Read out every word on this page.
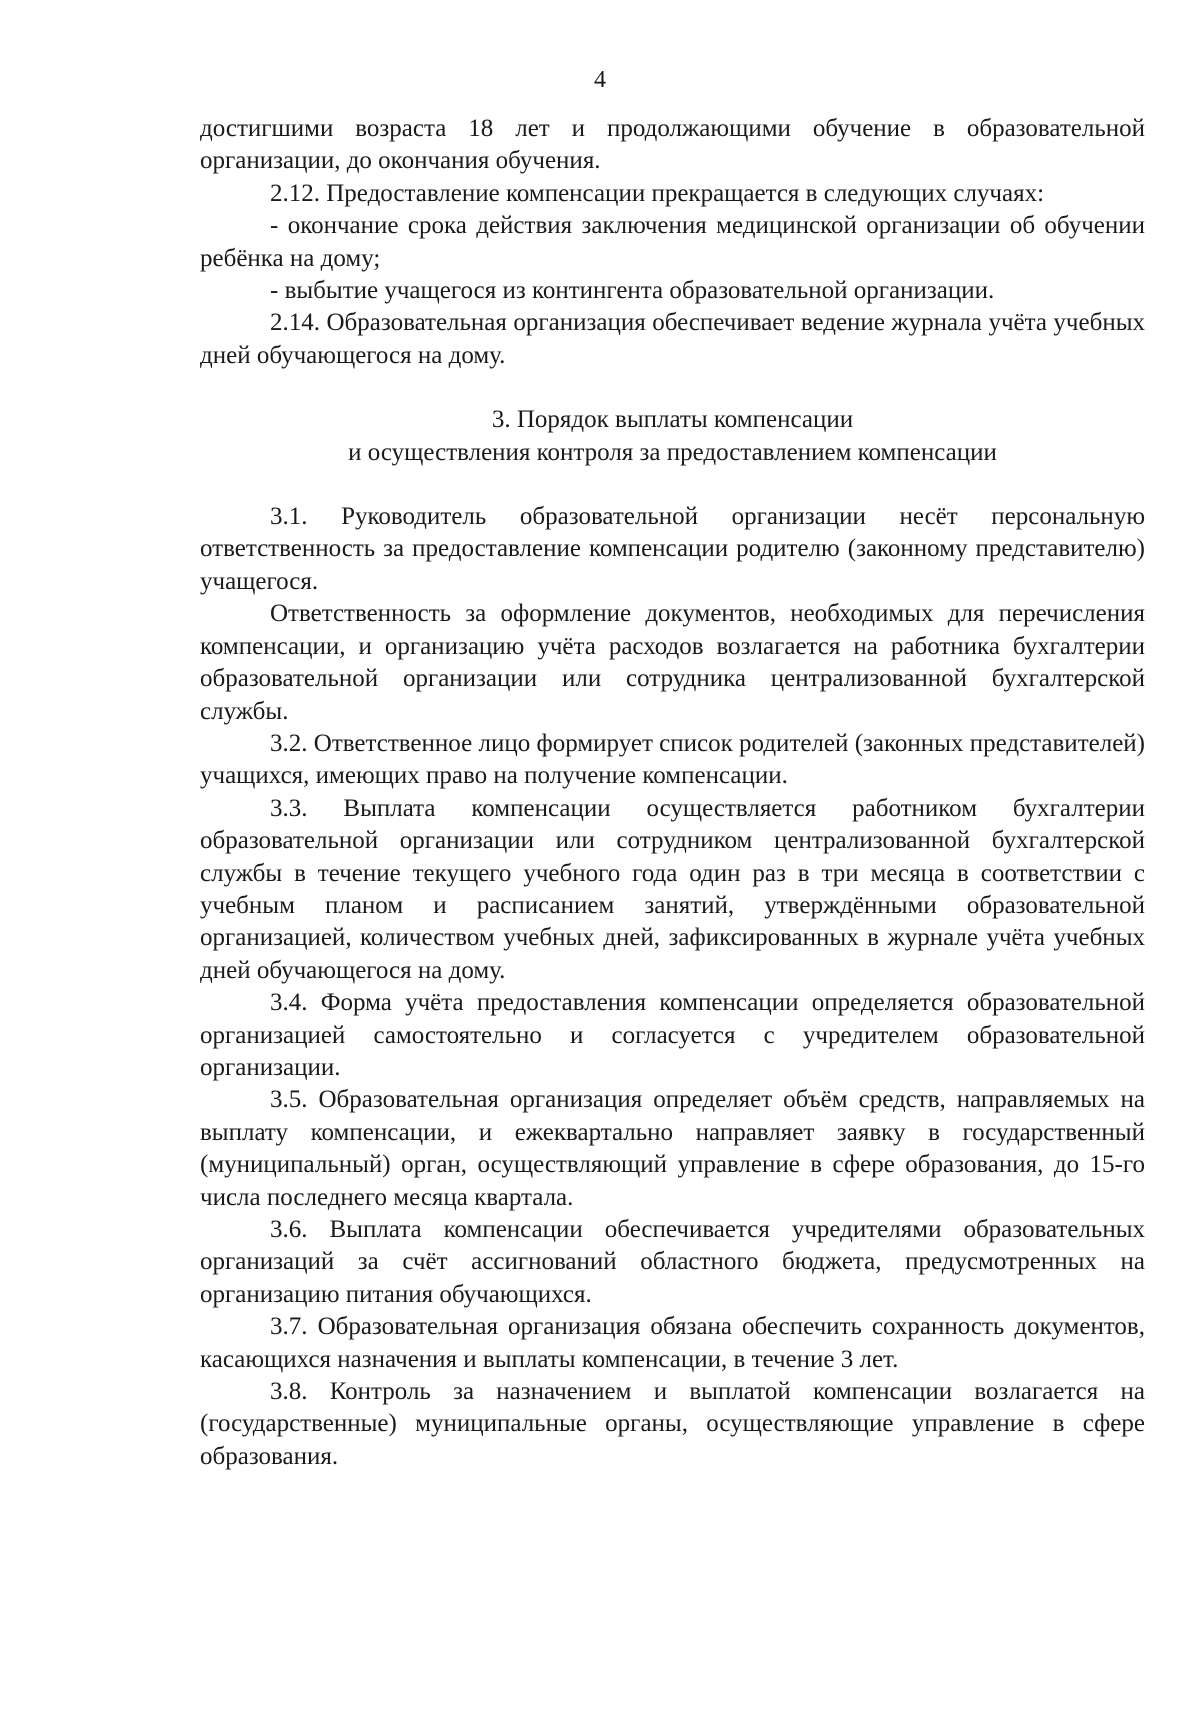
4

достигшими возраста 18 лет и продолжающими обучение в образовательной организации, до окончания обучения.

2.12. Предоставление компенсации прекращается в следующих случаях:

- окончание срока действия заключения медицинской организации об обучении ребёнка на дому;

- выбытие учащегося из контингента образовательной организации.

2.14. Образовательная организация обеспечивает ведение журнала учёта учебных дней обучающегося на дому.

3. Порядок выплаты компенсации
и осуществления контроля за предоставлением компенсации

3.1. Руководитель образовательной организации несёт персональную ответственность за предоставление компенсации родителю (законному представителю) учащегося.

Ответственность за оформление документов, необходимых для перечисления компенсации, и организацию учёта расходов возлагается на работника бухгалтерии образовательной организации или сотрудника централизованной бухгалтерской службы.

3.2. Ответственное лицо формирует список родителей (законных представителей) учащихся, имеющих право на получение компенсации.

3.3. Выплата компенсации осуществляется работником бухгалтерии образовательной организации или сотрудником централизованной бухгалтерской службы в течение текущего учебного года один раз в три месяца в соответствии с учебным планом и расписанием занятий, утверждёнными образовательной организацией, количеством учебных дней, зафиксированных в журнале учёта учебных дней обучающегося на дому.

3.4. Форма учёта предоставления компенсации определяется образовательной организацией самостоятельно и согласуется с учредителем образовательной организации.

3.5. Образовательная организация определяет объём средств, направляемых на выплату компенсации, и ежеквартально направляет заявку в государственный (муниципальный) орган, осуществляющий управление в сфере образования, до 15-го числа последнего месяца квартала.

3.6. Выплата компенсации обеспечивается учредителями образовательных организаций за счёт ассигнований областного бюджета, предусмотренных на организацию питания обучающихся.

3.7. Образовательная организация обязана обеспечить сохранность документов, касающихся назначения и выплаты компенсации, в течение 3 лет.

3.8. Контроль за назначением и выплатой компенсации возлагается на (государственные) муниципальные органы, осуществляющие управление в сфере образования.
